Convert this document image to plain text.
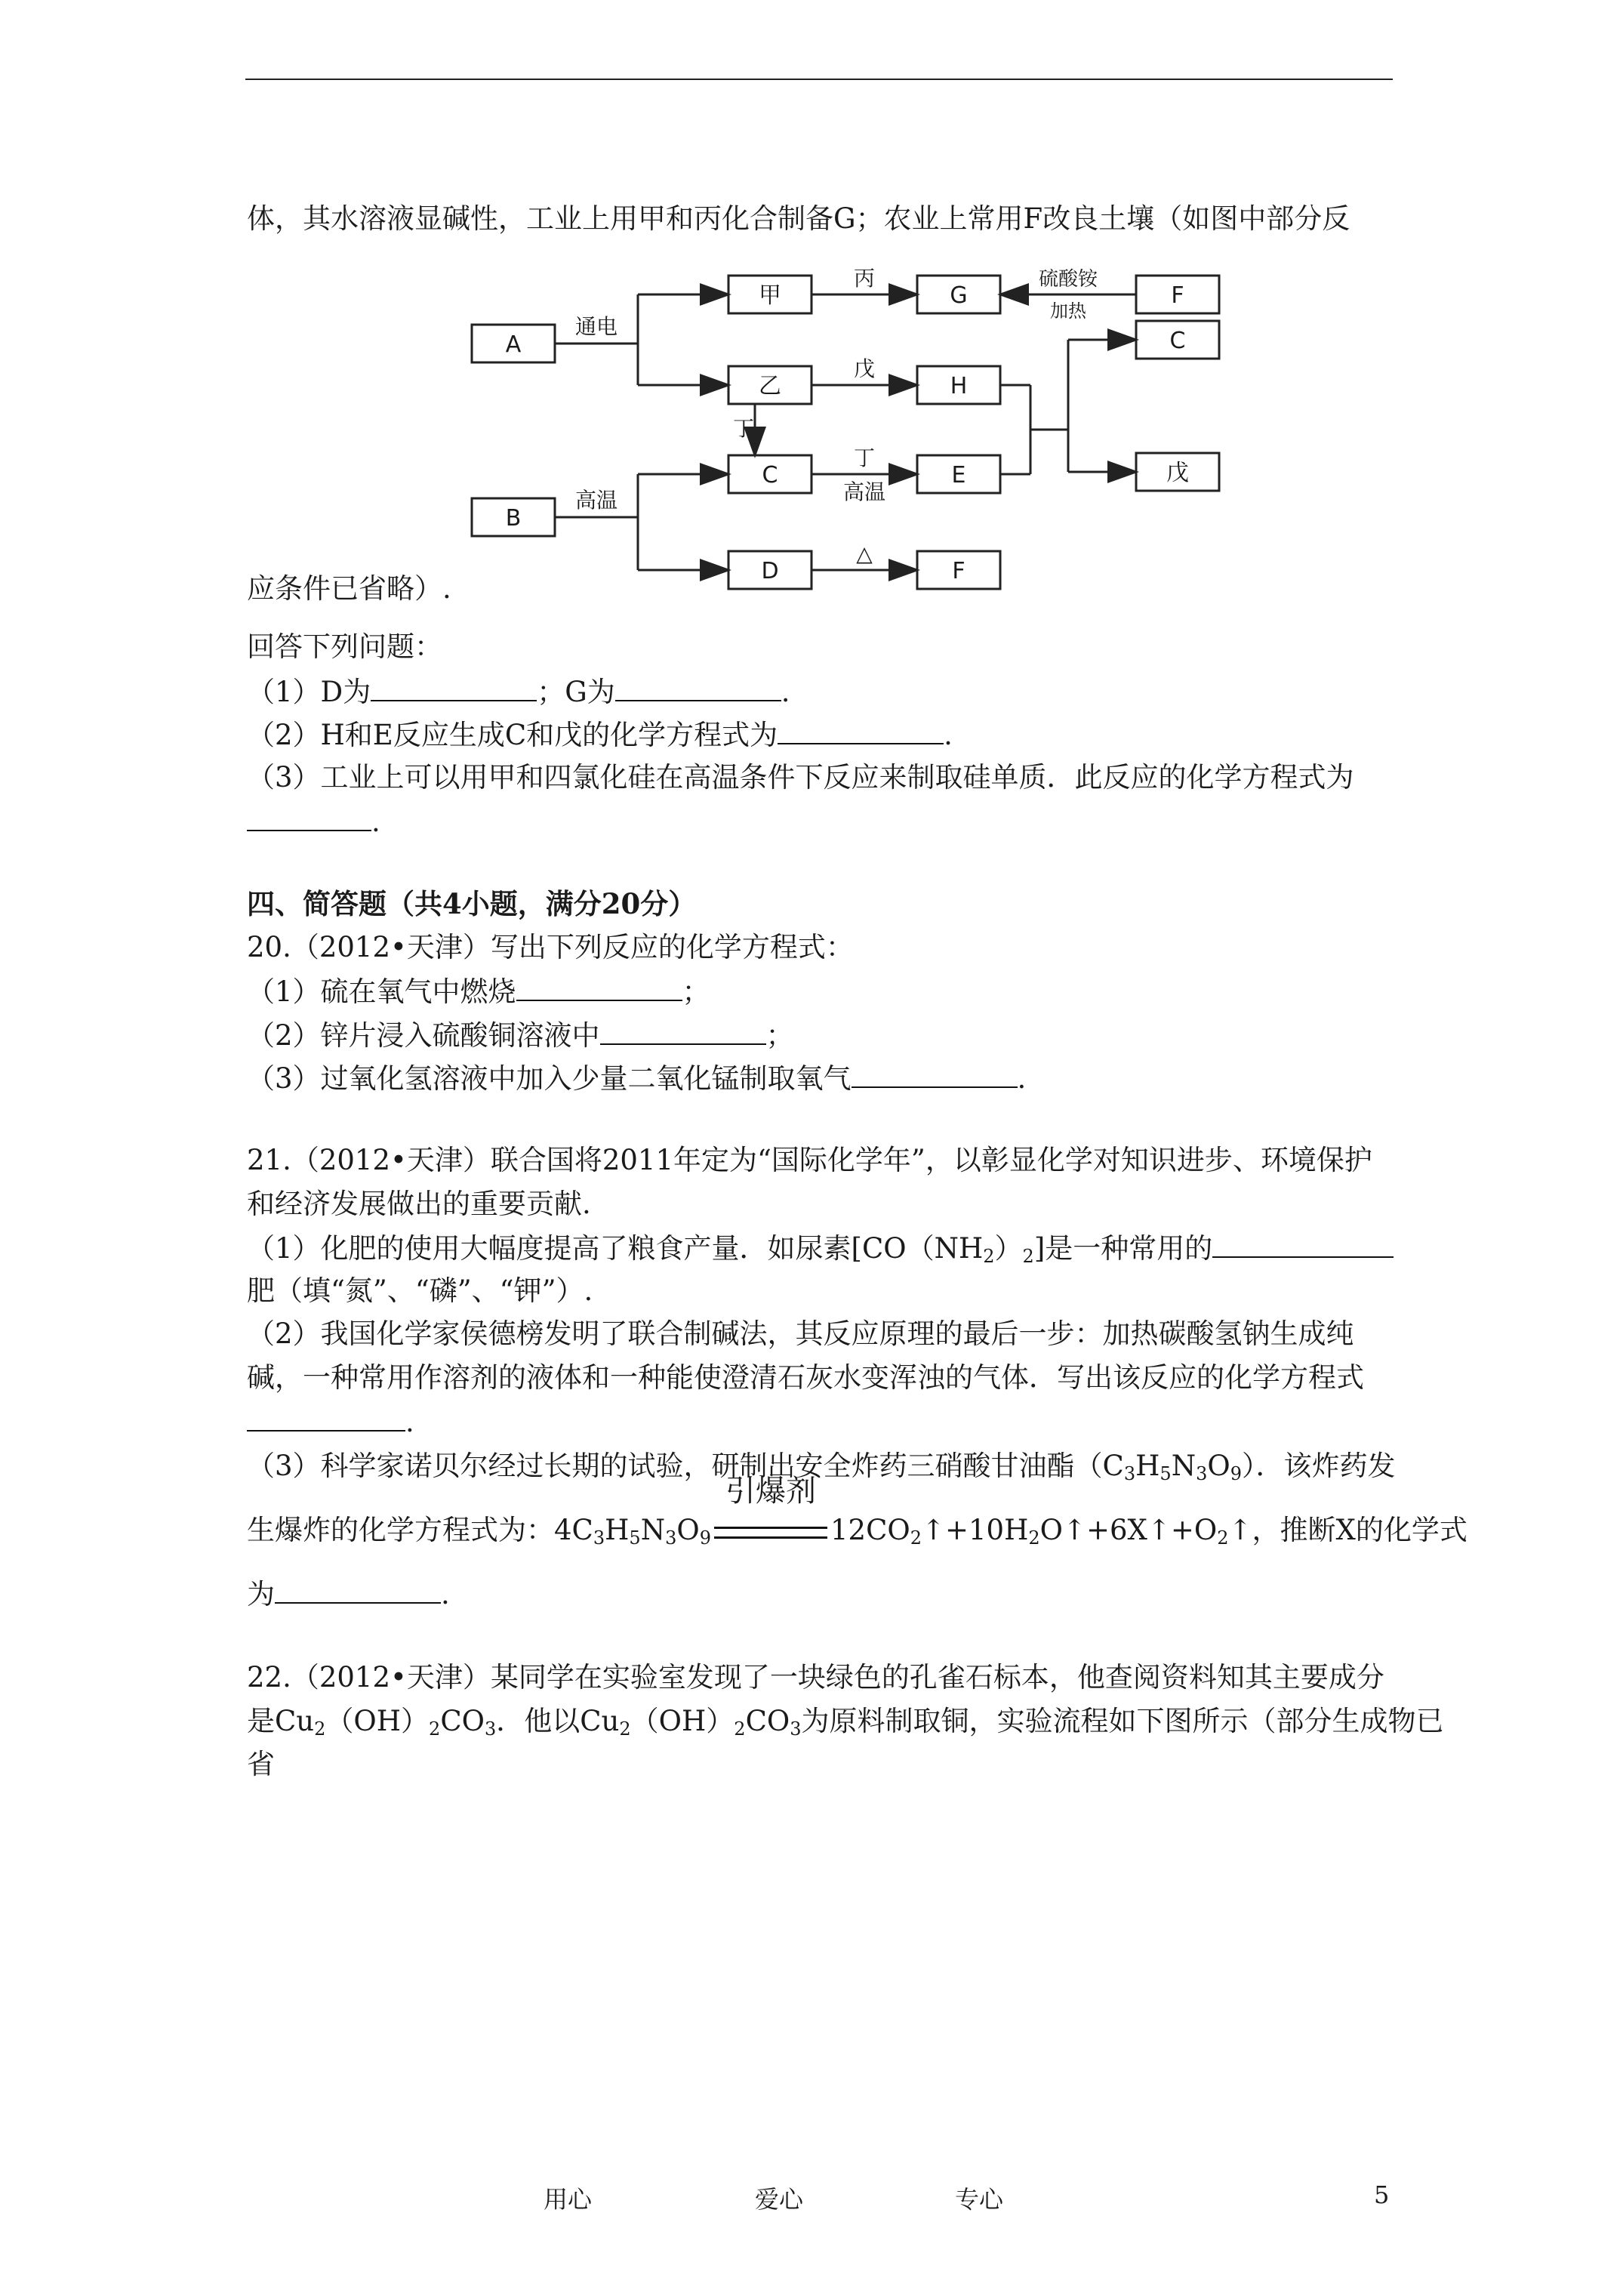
体，其水溶液显碱性，工业上用甲和丙化合制备G；农业上常用F改良土壤（如图中部分反
A
B
甲
乙
C
D
G
H
E
F
F
C
戊
通电
高温
丙
戊
丁
丁
高温
△
硫酸铵
加热
应条件已省略）.
回答下列问题：
（1）D为	；G为	.
（2）H和E反应生成C和戊的化学方程式为	.
（3）工业上可以用甲和四氯化硅在高温条件下反应来制取硅单质．此反应的化学方程式为
.
四、简答题（共4小题，满分20分）
20.（2012•天津）写出下列反应的化学方程式：
（1）硫在氧气中燃烧	；
（2）锌片浸入硫酸铜溶液中	；
（3）过氧化氢溶液中加入少量二氧化锰制取氧气	.
21.（2012•天津）联合国将2011年定为“国际化学年”，以彰显化学对知识进步、环境保护
和经济发展做出的重要贡献.
（1）化肥的使用大幅度提高了粮食产量．如尿素$[CO(NH_2)_2]$是一种常用的
肥（填“氮”、“磷”、“钾”）.
（2）我国化学家侯德榜发明了联合制碱法，其反应原理的最后一步：加热碳酸氢钠生成纯
碱，一种常用作溶剂的液体和一种能使澄清石灰水变浑浊的气体．写出该反应的化学方程式
.
（3）科学家诺贝尔经过长期的试验，研制出安全炸药三硝酸甘油酯$(C_3H_5N_3O_9)$．该炸药发
生爆炸的化学方程式为：$4C_3H_5N_3O_9$
引爆剂
$12CO_2↑+10H_2O↑+6X↑+O_2↑$，推断X的化学式
为	.
22.（2012•天津）某同学在实验室发现了一块绿色的孔雀石标本，他查阅资料知其主要成分
是$Cu_2(OH)_2CO_3$．他以$Cu_2(OH)_2CO_3$为原料制取铜，实验流程如下图所示（部分生成物已
省
用心	爱心	专心	5
